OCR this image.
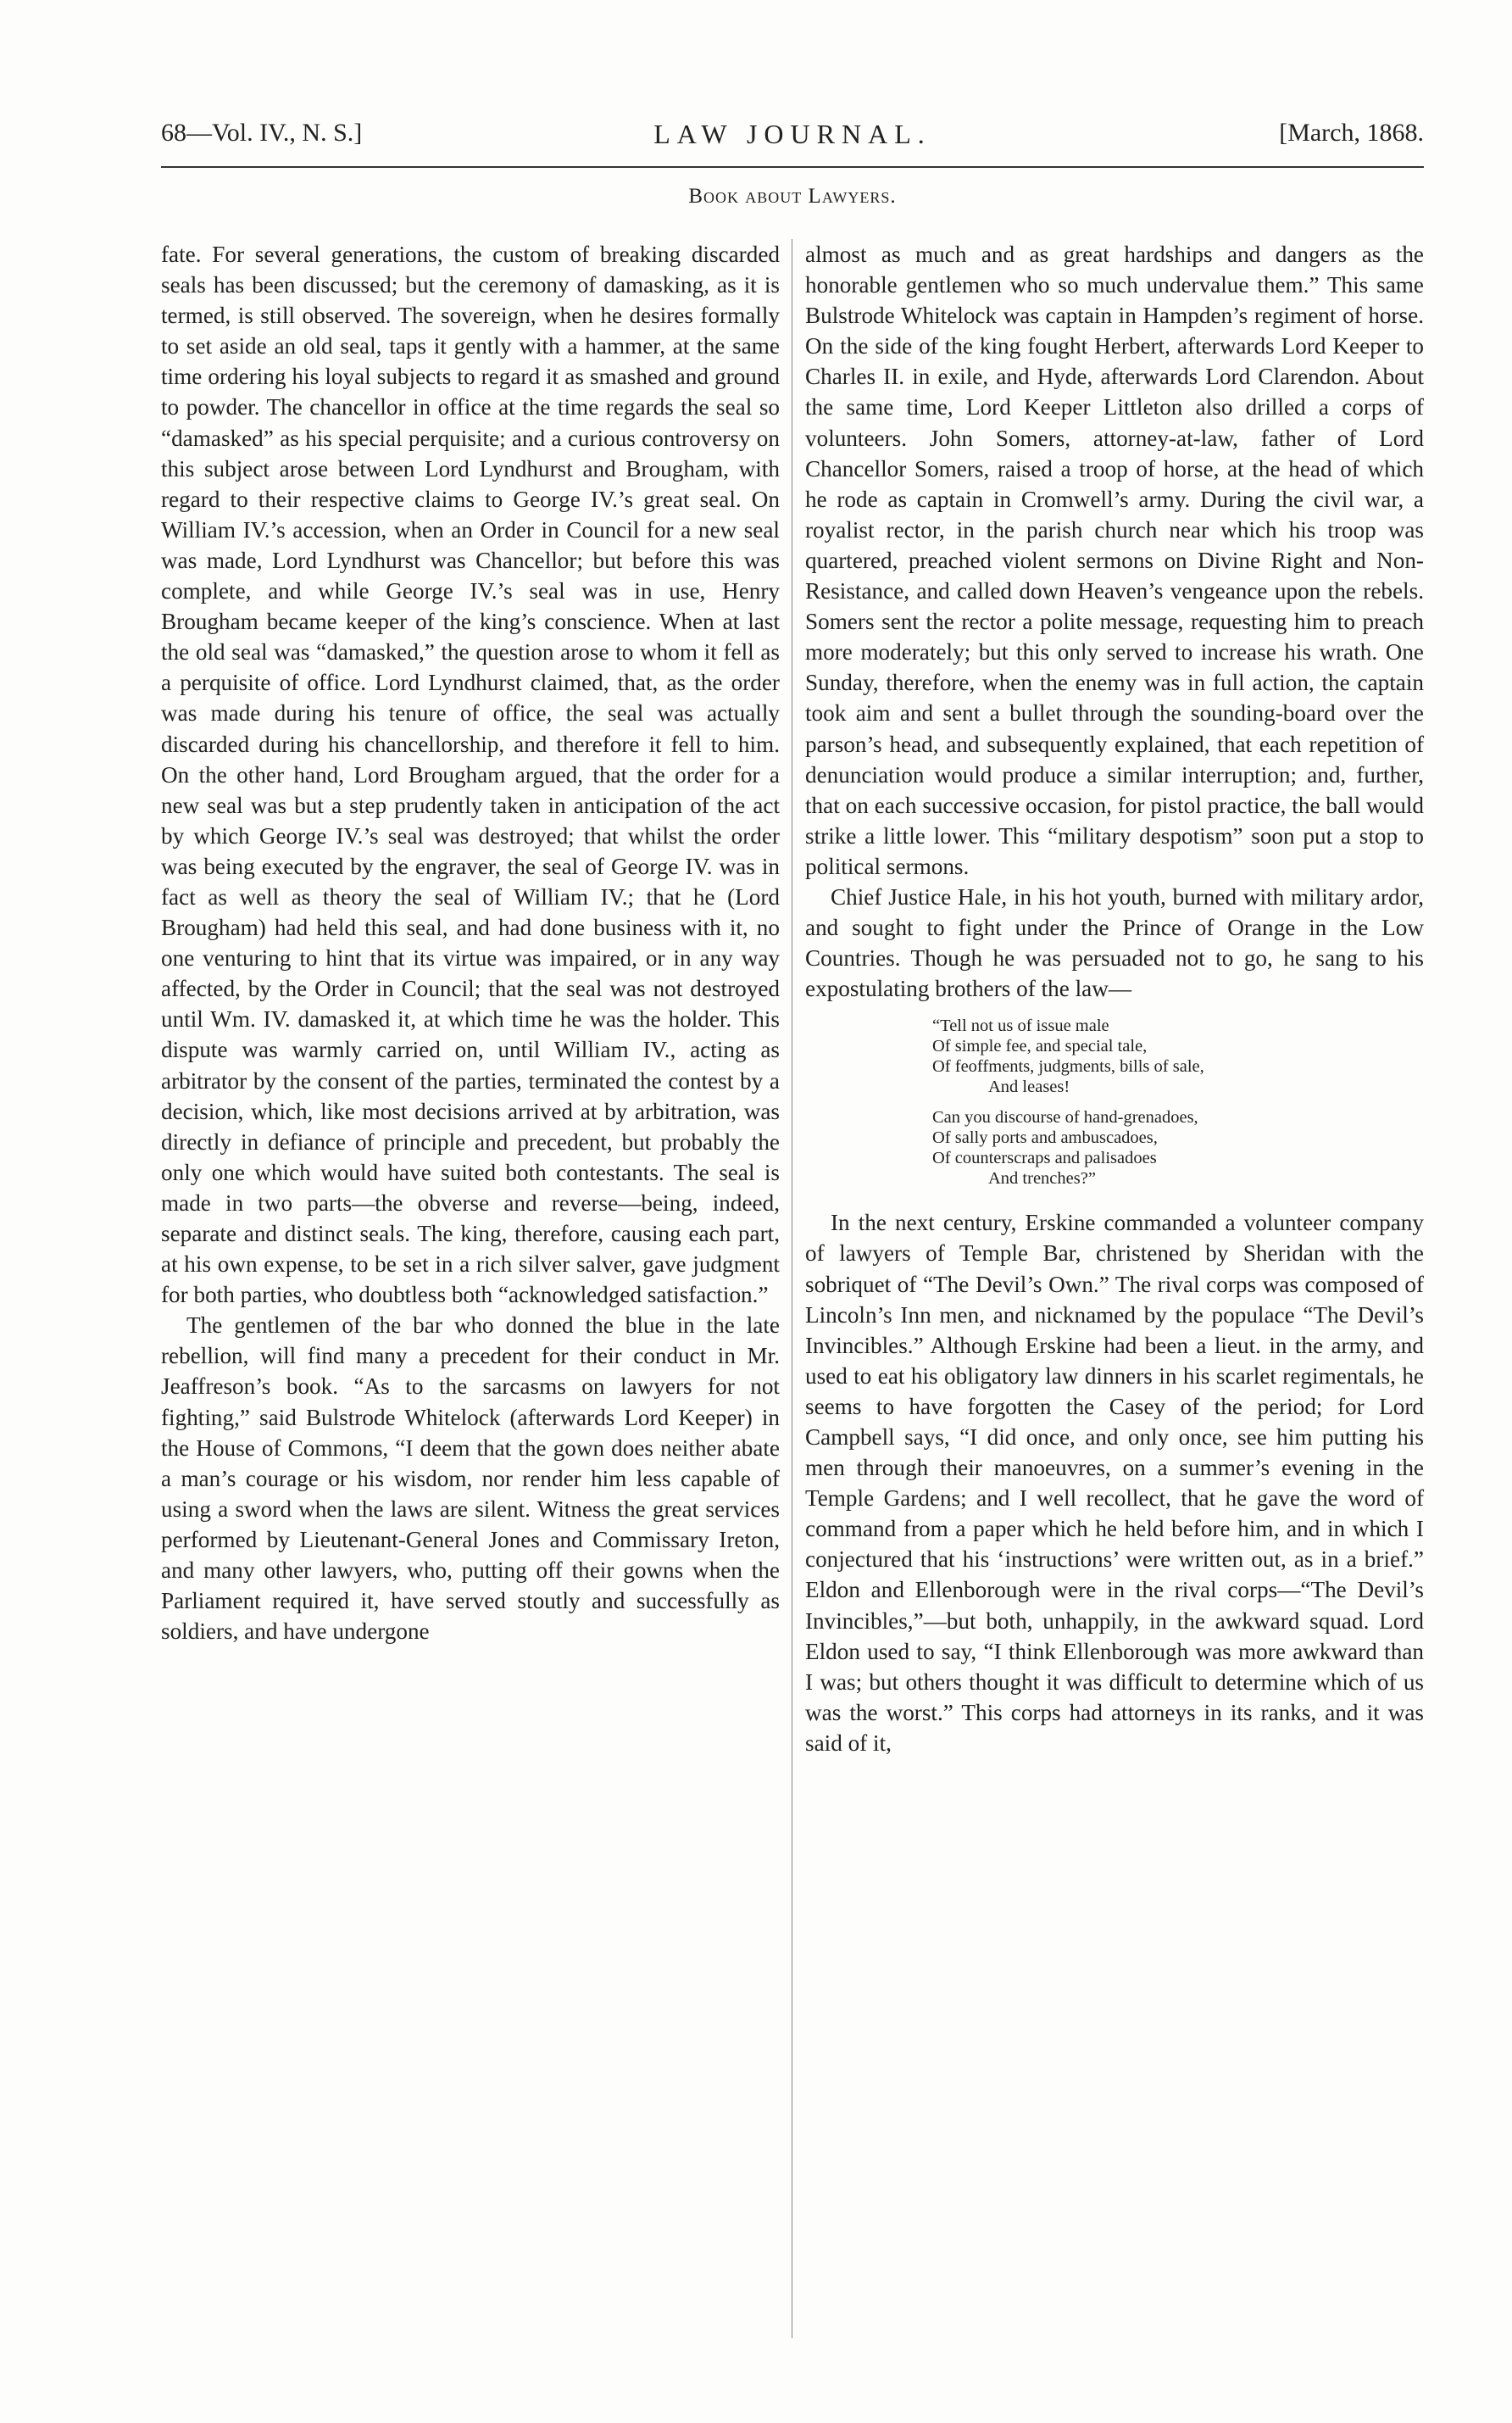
68—Vol. IV., N. S.]	LAW JOURNAL.	[March, 1868.
Book about Lawyers.

fate. For several generations, the custom of breaking discarded seals has been discussed; but the ceremony of damasking, as it is termed, is still observed. The sovereign, when he desires formally to set aside an old seal, taps it gently with a hammer, at the same time ordering his loyal subjects to regard it as smashed and ground to powder. The chancellor in office at the time regards the seal so “damasked” as his special perquisite; and a curious controversy on this subject arose between Lord Lyndhurst and Brougham, with regard to their respective claims to George IV.’s great seal. On William IV.’s accession, when an Order in Council for a new seal was made, Lord Lyndhurst was Chancellor; but before this was complete, and while George IV.’s seal was in use, Henry Brougham became keeper of the king’s conscience. When at last the old seal was “damasked,” the question arose to whom it fell as a perquisite of office. Lord Lyndhurst claimed, that, as the order was made during his tenure of office, the seal was actually discarded during his chancellorship, and therefore it fell to him. On the other hand, Lord Brougham argued, that the order for a new seal was but a step prudently taken in anticipation of the act by which George IV.’s seal was destroyed; that whilst the order was being executed by the engraver, the seal of George IV. was in fact as well as theory the seal of William IV.; that he (Lord Brougham) had held this seal, and had done business with it, no one venturing to hint that its virtue was impaired, or in any way affected, by the Order in Council; that the seal was not destroyed until Wm. IV. damasked it, at which time he was the holder. This dispute was warmly carried on, until William IV., acting as arbitrator by the consent of the parties, terminated the contest by a decision, which, like most decisions arrived at by arbitration, was directly in defiance of principle and precedent, but probably the only one which would have suited both contestants. The seal is made in two parts—the obverse and reverse—being, indeed, separate and distinct seals. The king, therefore, causing each part, at his own expense, to be set in a rich silver salver, gave judgment for both parties, who doubtless both “acknowledged satisfaction.”

The gentlemen of the bar who donned the blue in the late rebellion, will find many a precedent for their conduct in Mr. Jeaffreson’s book. “As to the sarcasms on lawyers for not fighting,” said Bulstrode Whitelock (afterwards Lord Keeper) in the House of Commons, “I deem that the gown does neither abate a man’s courage or his wisdom, nor render him less capable of using a sword when the laws are silent. Witness the great services performed by Lieutenant-General Jones and Commissary Ireton, and many other lawyers, who, putting off their gowns when the Parliament required it, have served stoutly and successfully as soldiers, and have undergone

almost as much and as great hardships and dangers as the honorable gentlemen who so much undervalue them.” This same Bulstrode Whitelock was captain in Hampden’s regiment of horse. On the side of the king fought Herbert, afterwards Lord Keeper to Charles II. in exile, and Hyde, afterwards Lord Clarendon. About the same time, Lord Keeper Littleton also drilled a corps of volunteers. John Somers, attorney-at-law, father of Lord Chancellor Somers, raised a troop of horse, at the head of which he rode as captain in Cromwell’s army. During the civil war, a royalist rector, in the parish church near which his troop was quartered, preached violent sermons on Divine Right and Non-Resistance, and called down Heaven’s vengeance upon the rebels. Somers sent the rector a polite message, requesting him to preach more moderately; but this only served to increase his wrath. One Sunday, therefore, when the enemy was in full action, the captain took aim and sent a bullet through the sounding-board over the parson’s head, and subsequently explained, that each repetition of denunciation would produce a similar interruption; and, further, that on each successive occasion, for pistol practice, the ball would strike a little lower. This “military despotism” soon put a stop to political sermons.

Chief Justice Hale, in his hot youth, burned with military ardor, and sought to fight under the Prince of Orange in the Low Countries. Though he was persuaded not to go, he sang to his expostulating brothers of the law—

“Tell not us of issue male
Of simple fee, and special tale,
Of feoffments, judgments, bills of sale,
And leases!
Can you discourse of hand-grenadoes,
Of sally ports and ambuscadoes,
Of counterscraps and palisadoes
And trenches?”

In the next century, Erskine commanded a volunteer company of lawyers of Temple Bar, christened by Sheridan with the sobriquet of “The Devil’s Own.” The rival corps was composed of Lincoln’s Inn men, and nicknamed by the populace “The Devil’s Invincibles.” Although Erskine had been a lieut. in the army, and used to eat his obligatory law dinners in his scarlet regimentals, he seems to have forgotten the Casey of the period; for Lord Campbell says, “I did once, and only once, see him putting his men through their manoeuvres, on a summer’s evening in the Temple Gardens; and I well recollect, that he gave the word of command from a paper which he held before him, and in which I conjectured that his ‘instructions’ were written out, as in a brief.” Eldon and Ellenborough were in the rival corps—“The Devil’s Invincibles,”—but both, unhappily, in the awkward squad. Lord Eldon used to say, “I think Ellenborough was more awkward than I was; but others thought it was difficult to determine which of us was the worst.” This corps had attorneys in its ranks, and it was said of it,
